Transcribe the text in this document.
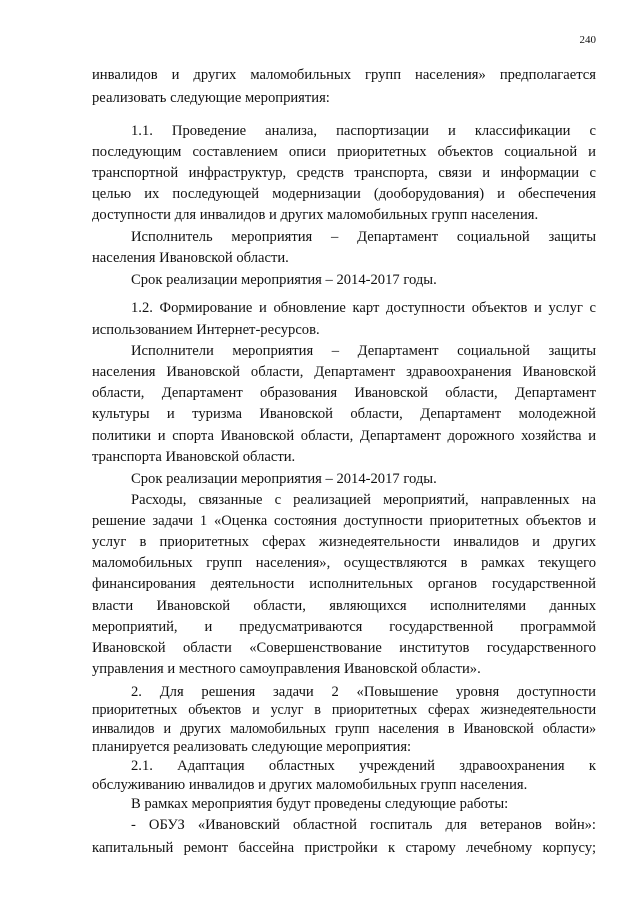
240
инвалидов и других маломобильных групп населения» предполагается
реализовать следующие мероприятия:
1.1. Проведение анализа, паспортизации и классификации с
последующим составлением описи приоритетных объектов социальной и
транспортной инфраструктур, средств транспорта, связи и информации с
целью их последующей модернизации (дооборудования) и обеспечения
доступности для инвалидов и других маломобильных групп населения.
Исполнитель мероприятия – Департамент социальной защиты
населения Ивановской области.
Срок реализации мероприятия – 2014-2017 годы.
1.2. Формирование и обновление карт доступности объектов и услуг с
использованием Интернет-ресурсов.
Исполнители мероприятия – Департамент социальной защиты
населения Ивановской области, Департамент здравоохранения Ивановской
области, Департамент образования Ивановской области, Департамент
культуры и туризма Ивановской области, Департамент молодежной
политики и спорта Ивановской области, Департамент дорожного хозяйства и
транспорта Ивановской области.
Срок реализации мероприятия – 2014-2017 годы.
Расходы, связанные с реализацией мероприятий, направленных на
решение задачи 1 «Оценка состояния доступности приоритетных объектов и
услуг в приоритетных сферах жизнедеятельности инвалидов и других
маломобильных групп населения», осуществляются в рамках текущего
финансирования деятельности исполнительных органов государственной
власти Ивановской области, являющихся исполнителями данных
мероприятий, и предусматриваются государственной программой
Ивановской области «Совершенствование институтов государственного
управления и местного самоуправления Ивановской области».
2. Для решения задачи 2 «Повышение уровня доступности
приоритетных объектов и услуг в приоритетных сферах жизнедеятельности
инвалидов и других маломобильных групп населения в Ивановской области»
планируется реализовать следующие мероприятия:
2.1. Адаптация областных учреждений здравоохранения к
обслуживанию инвалидов и других маломобильных групп населения.
В рамках мероприятия будут проведены следующие работы:
- ОБУЗ «Ивановский областной госпиталь для ветеранов войн»:
капитальный ремонт бассейна пристройки к старому лечебному корпусу;
